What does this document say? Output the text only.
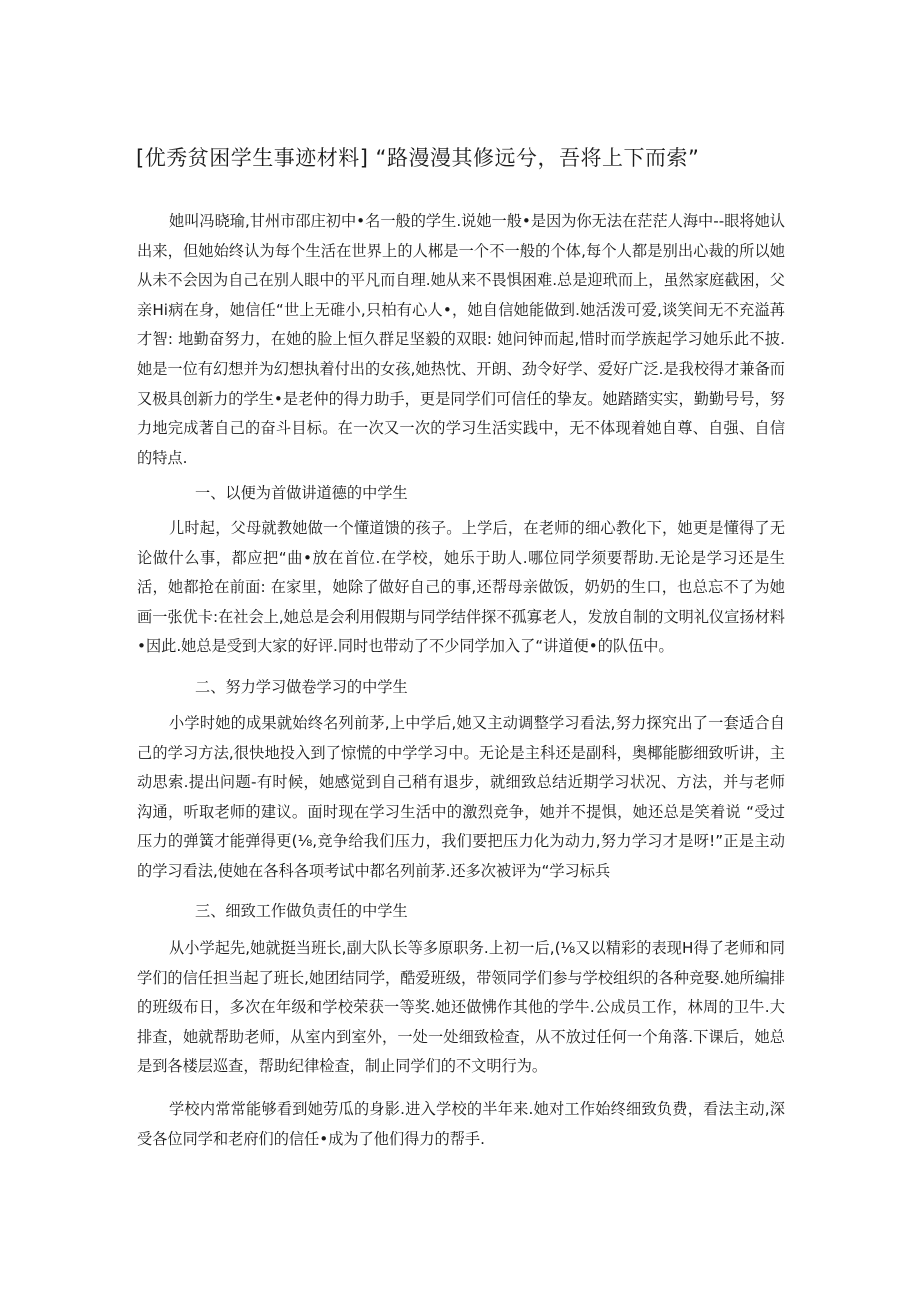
[优秀贫困学生事迹材料] “路漫漫其修远兮，吾将上下而索”

她叫冯晓瑜,甘州市邵庄初中•名一般的学生.说她一般•是因为你无法在茫茫人海中--眼将她认出来，但她始终认为每个生活在世界上的人郴是一个不一般的个体,每个人都是别出心裁的所以她从未不会因为自己在别人眼中的平凡而自理.她从来不畏惧困难.总是迎玳而上，虽然家庭截困，父亲Hi病在身，她信任“世上无碓小,只柏有心人•，她自信她能做到.她活泼可爱,谈笑间无不充溢苒才智: 地勤奋努力，在她的脸上恒久群足坚毅的双眼: 她问钟而起,惜时而学族起学习她乐此不披.她是一位有幻想并为幻想执着付出的女孩,她热忱、开朗、劲令好学、爱好广泛.是我校得才兼备而又极具创新力的学生•是老仲的得力助手，更是同学们可信任的挚友。她踏踏实实，勤勤号号，努力地完成著自己的奋斗目标。在一次又一次的学习生活实践中，无不体现着她自尊、自强、自信的特点.

一、以便为首做讲道德的中学生

儿时起，父母就教她做一个懂道馈的孩子。上学后，在老师的细心教化下，她更是懂得了无论做什么事，都应把“曲•放在首位.在学校，她乐于助人.哪位同学须要帮助.无论是学习还是生活，她都抢在前面: 在家里，她除了做好自己的事,还帮母亲做饭，奶奶的生口，也总忘不了为她画一张优卡:在社会上,她总是会利用假期与同学结伴探不孤寡老人，发放自制的文明礼仪宣扬材料•因此.她总是受到大家的好评.同时也带动了不少同学加入了“讲道便•的队伍中。

二、努力学习做卷学习的中学生

小学时她的成果就始终名列前茅,上中学后,她又主动调整学习看法,努力探究出了一套适合自己的学习方法,很快地投入到了惊慌的中学学习中。无论是主科还是副科，奥椰能膨细致听讲，主动思索.提出问题-有时候，她感觉到自己稍有退步，就细致总结近期学习状况、方法，并与老师沟通，听取老师的建议。面时现在学习生活中的激烈竞争，她并不提惧，她还总是笑着说 “受过压力的弹簧才能弹得更(⅛,竞争给我们压力，我们要把压力化为动力,努力学习才是呀!”正是主动的学习看法,使她在各科各项考试中都名列前茅.还多次被评为“学习标兵

三、细致工作做负责任的中学生

从小学起先,她就挺当班长,副大队长等多原职务.上初一后,(⅛又以精彩的表现H得了老师和同学们的信任担当起了班长,她团结同学，酷爱班级，带领同学们参与学校组织的各种竞娶.她所编排的班级布日，多次在年级和学校荣获一等奖.她还做怫作其他的学牛.公成员工作，林周的卫牛.大排查，她就帮助老师，从室内到室外，一处一处细致检查，从不放过任何一个角落.下课后，她总是到各楼层巡查，帮助纪律检查，制止同学们的不文明行为。

学校内常常能够看到她劳瓜的身影.进入学校的半年来.她对工作始终细致负费，看法主动,深受各位同学和老府们的信任•成为了他们得力的帮手.
